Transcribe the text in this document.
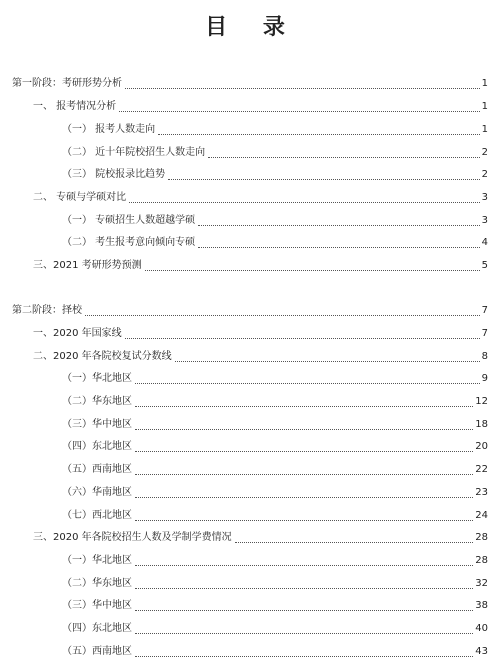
目 录
第一阶段：考研形势分析	1
一、 报考情况分析	1
（一） 报考人数走向	1
（二） 近十年院校招生人数走向	2
（三） 院校报录比趋势	2
二、 专硕与学硕对比	3
（一） 专硕招生人数超越学硕	3
（二） 考生报考意向倾向专硕	4
三、2021 考研形势预测	5
第二阶段：择校	7
一、2020 年国家线	7
二、2020 年各院校复试分数线	8
（一）华北地区	9
（二）华东地区	12
（三）华中地区	18
（四）东北地区	20
（五）西南地区	22
（六）华南地区	23
（七）西北地区	24
三、2020 年各院校招生人数及学制学费情况	28
（一）华北地区	28
（二）华东地区	32
（三）华中地区	38
（四）东北地区	40
（五）西南地区	43
